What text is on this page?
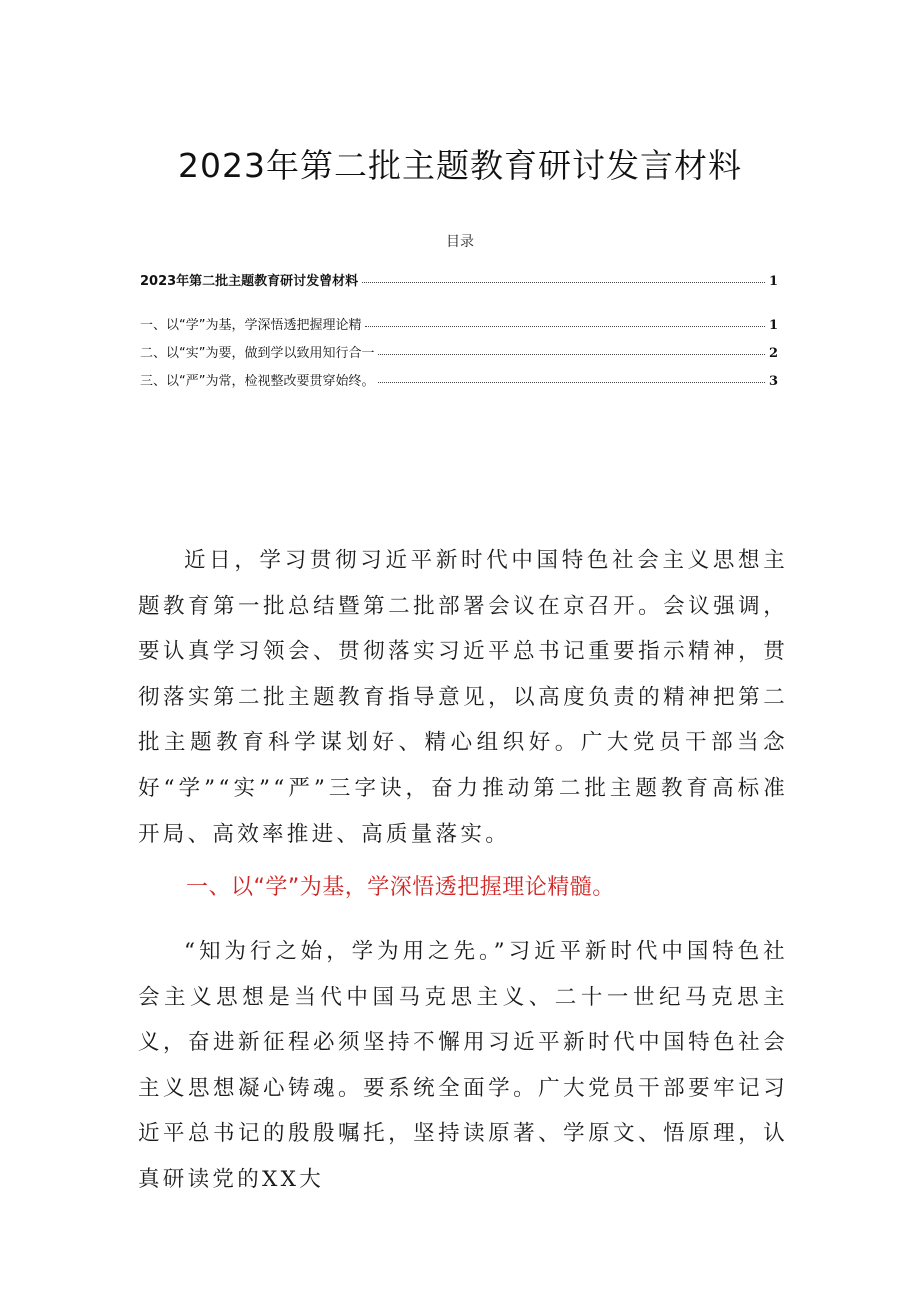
2023年第二批主题教育研讨发言材料
目录
2023年第二批主题教育研讨发曾材料	1
一、以“学”为基，学深悟透把握理论精	1
二、以“实”为要，做到学以致用知行合一	2
三、以“严”为常，检视整改要贯穿始终。	3

近日，学习贯彻习近平新时代中国特色社会主义思想主题教育第一批总结暨第二批部署会议在京召开。会议强调，要认真学习领会、贯彻落实习近平总书记重要指示精神，贯彻落实第二批主题教育指导意见，以高度负责的精神把第二批主题教育科学谋划好、精心组织好。广大党员干部当念好“学”“实”“严”三字诀，奋力推动第二批主题教育高标准开局、高效率推进、高质量落实。

一、以“学”为基，学深悟透把握理论精髓。

“知为行之始，学为用之先。”习近平新时代中国特色社会主义思想是当代中国马克思主义、二十一世纪马克思主义，奋进新征程必须坚持不懈用习近平新时代中国特色社会主义思想凝心铸魂。要系统全面学。广大党员干部要牢记习近平总书记的殷殷嘱托，坚持读原著、学原文、悟原理，认真研读党的XX大
